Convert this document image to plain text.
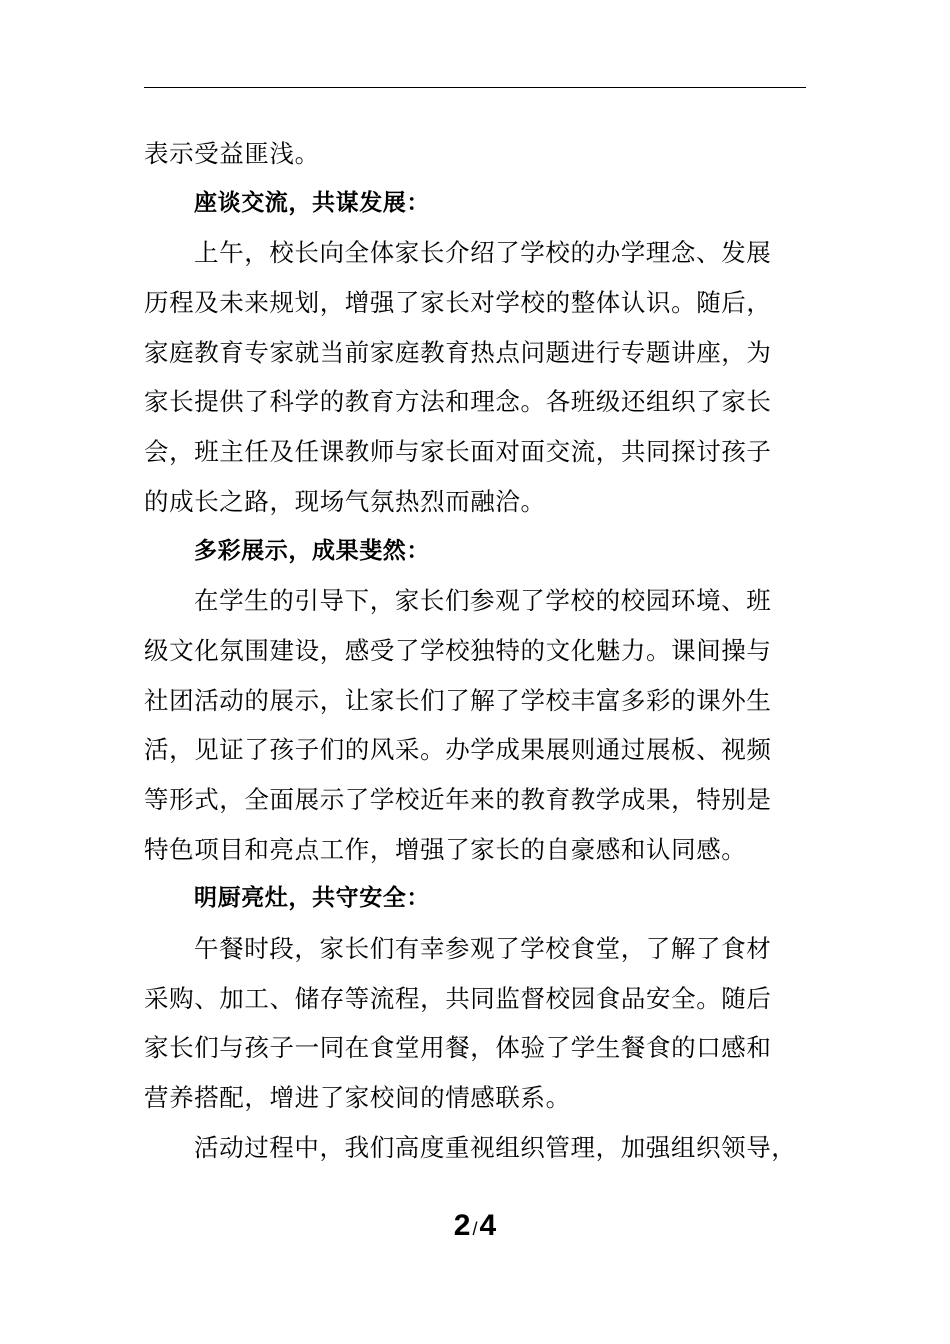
表示受益匪浅。
座谈交流，共谋发展：
上午，校长向全体家长介绍了学校的办学理念、发展
历程及未来规划，增强了家长对学校的整体认识。随后，
家庭教育专家就当前家庭教育热点问题进行专题讲座，为
家长提供了科学的教育方法和理念。各班级还组织了家长
会，班主任及任课教师与家长面对面交流，共同探讨孩子
的成长之路，现场气氛热烈而融洽。
多彩展示，成果斐然：
在学生的引导下，家长们参观了学校的校园环境、班
级文化氛围建设，感受了学校独特的文化魅力。课间操与
社团活动的展示，让家长们了解了学校丰富多彩的课外生
活，见证了孩子们的风采。办学成果展则通过展板、视频
等形式，全面展示了学校近年来的教育教学成果，特别是
特色项目和亮点工作，增强了家长的自豪感和认同感。
明厨亮灶，共守安全：
午餐时段，家长们有幸参观了学校食堂，了解了食材
采购、加工、储存等流程，共同监督校园食品安全。随后
家长们与孩子一同在食堂用餐，体验了学生餐食的口感和
营养搭配，增进了家校间的情感联系。
活动过程中，我们高度重视组织管理，加强组织领导，
2 /4
